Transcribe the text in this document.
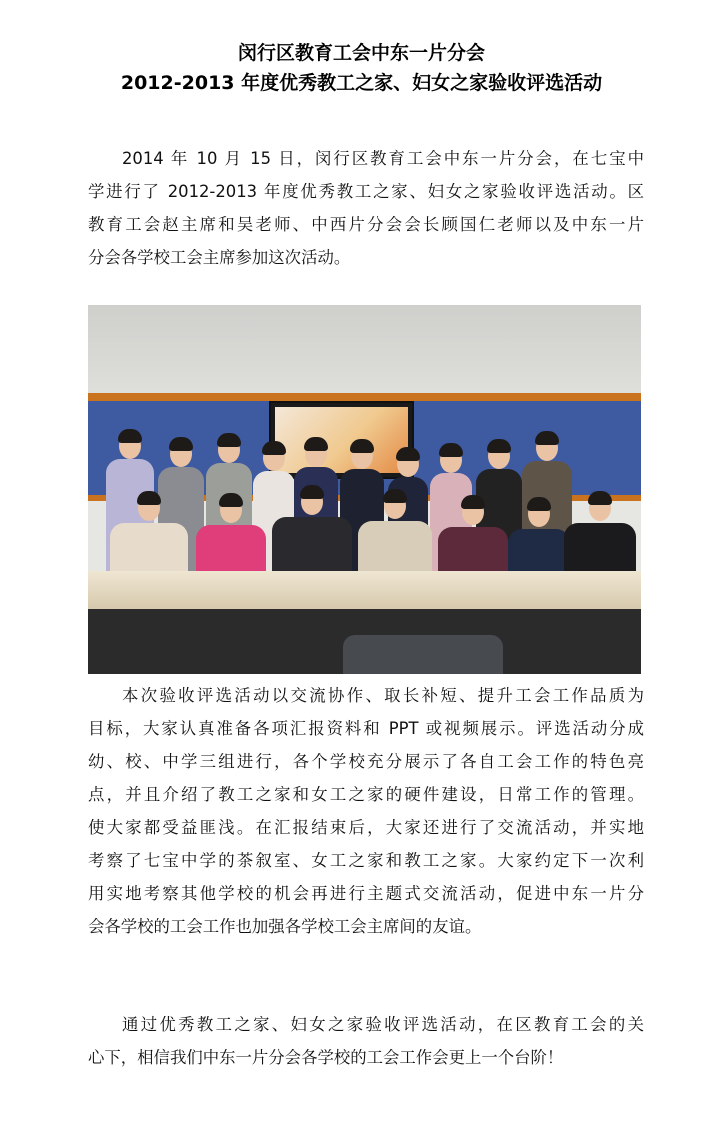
闵行区教育工会中东一片分会
2012-2013 年度优秀教工之家、妇女之家验收评选活动
2014 年 10 月 15 日，闵行区教育工会中东一片分会，在七宝中
学进行了 2012-2013 年度优秀教工之家、妇女之家验收评选活动。区
教育工会赵主席和吴老师、中西片分会会长顾国仁老师以及中东一片
分会各学校工会主席参加这次活动。
本次验收评选活动以交流协作、取长补短、提升工会工作品质为
目标，大家认真准备各项汇报资料和 PPT 或视频展示。评选活动分成
幼、校、中学三组进行，各个学校充分展示了各自工会工作的特色亮
点，并且介绍了教工之家和女工之家的硬件建设，日常工作的管理。
使大家都受益匪浅。在汇报结束后，大家还进行了交流活动，并实地
考察了七宝中学的茶叙室、女工之家和教工之家。大家约定下一次利
用实地考察其他学校的机会再进行主题式交流活动，促进中东一片分
会各学校的工会工作也加强各学校工会主席间的友谊。
通过优秀教工之家、妇女之家验收评选活动，在区教育工会的关
心下，相信我们中东一片分会各学校的工会工作会更上一个台阶！
